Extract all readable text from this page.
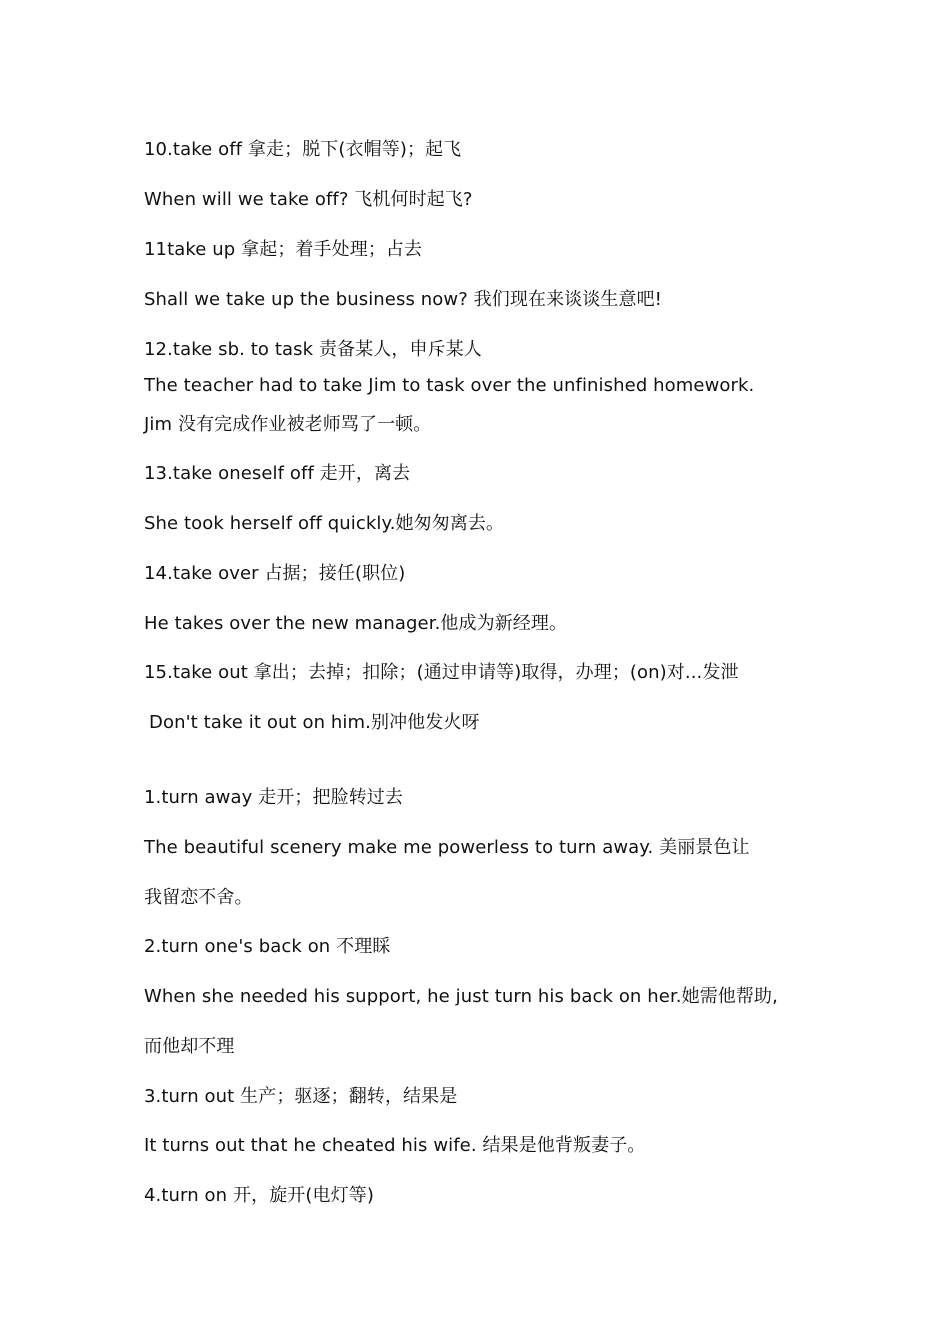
10.take off 拿走；脱下(衣帽等)；起飞
When will we take off? 飞机何时起飞?
11take up 拿起；着手处理；占去
Shall we take up the business now? 我们现在来谈谈生意吧!
12.take sb. to task 责备某人，申斥某人
The teacher had to take Jim to task over the unfinished homework.
Jim 没有完成作业被老师骂了一顿。
13.take oneself off 走开，离去
She took herself off quickly.她匆匆离去。
14.take over 占据；接任(职位)
He takes over the new manager.他成为新经理。
15.take out 拿出；去掉；扣除；(通过申请等)取得，办理；(on)对...发泄
Don't take it out on him.别冲他发火呀
1.turn away 走开；把脸转过去
The beautiful scenery make me powerless to turn away. 美丽景色让
我留恋不舍。
2.turn one's back on 不理睬
When she needed his support, he just turn his back on her.她需他帮助,
而他却不理
3.turn out 生产；驱逐；翻转，结果是
It turns out that he cheated his wife. 结果是他背叛妻子。
4.turn on 开，旋开(电灯等)
